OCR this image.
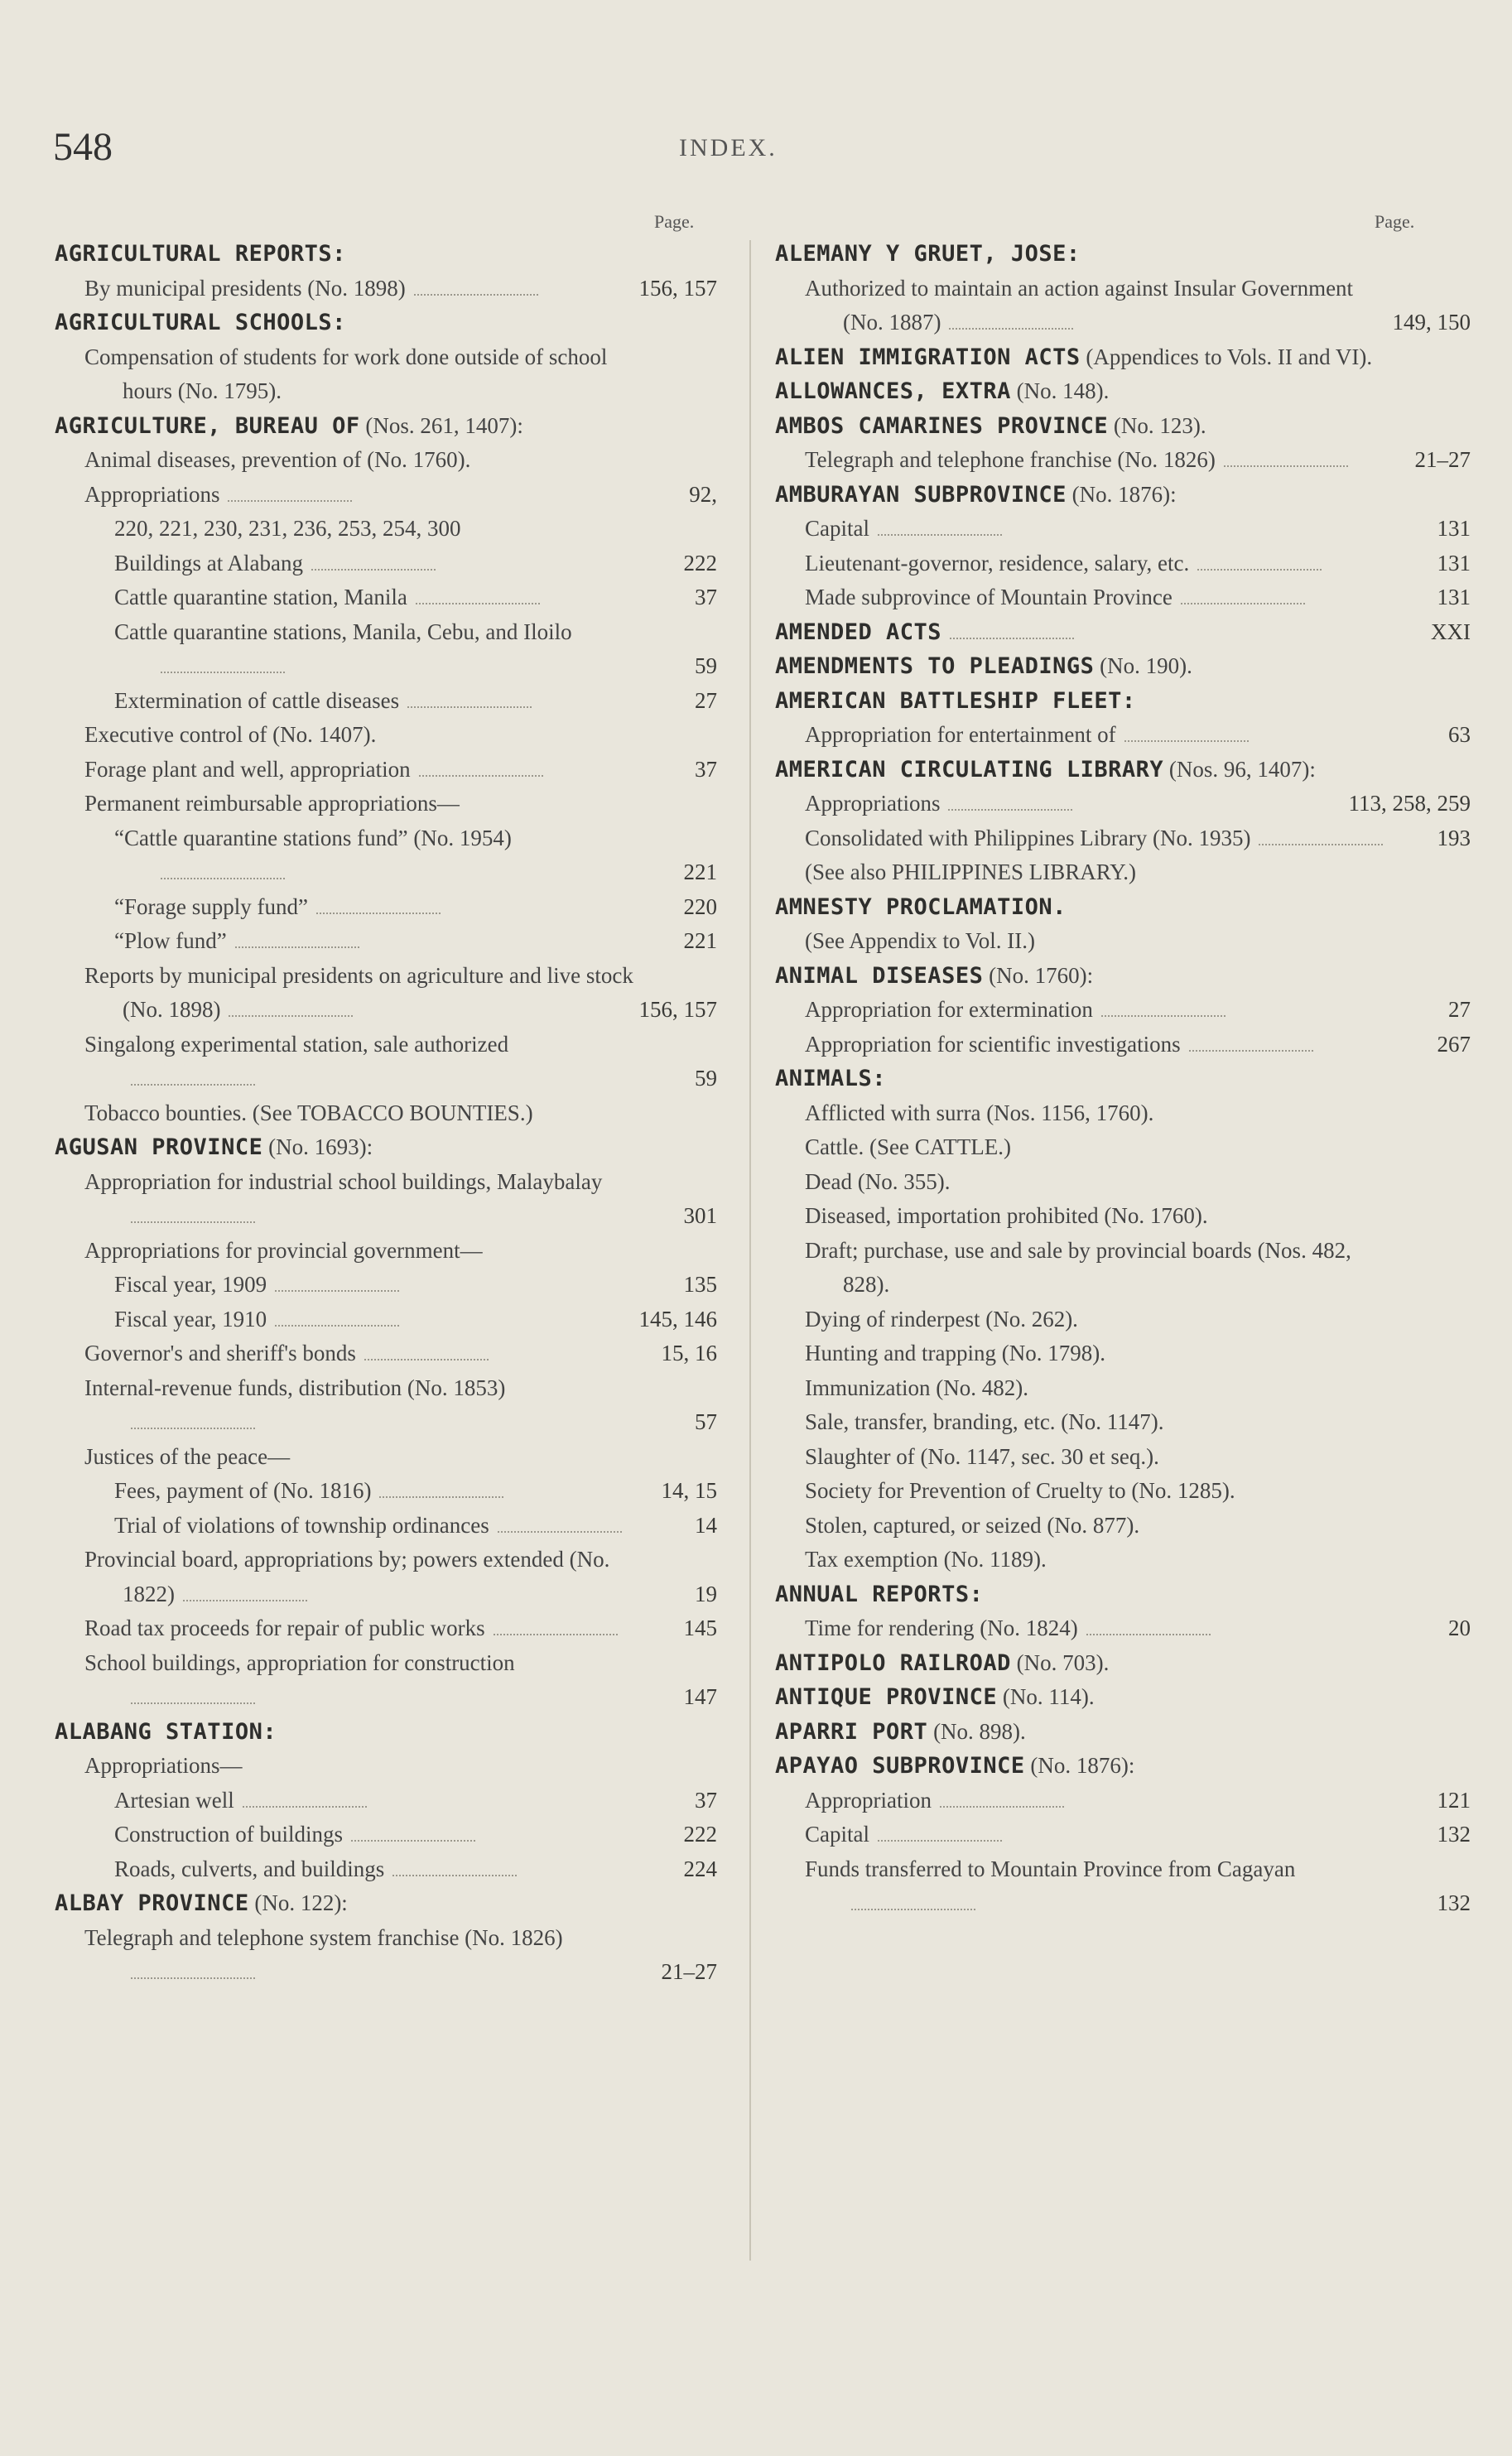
548	INDEX.
Page.	Page.
AGRICULTURAL REPORTS:
By municipal presidents (No. 1898)	156, 157
AGRICULTURAL SCHOOLS:
Compensation of students for work done outside of school hours (No. 1795).
AGRICULTURE, BUREAU OF (Nos. 261, 1407):
Animal diseases, prevention of (No. 1760).
Appropriations	92,
220, 221, 230, 231, 236, 253, 254, 300
Buildings at Alabang	222
Cattle quarantine station, Manila	37
Cattle quarantine stations, Manila, Cebu, and Iloilo
59
Extermination of cattle diseases	27
Executive control of (No. 1407).
Forage plant and well, appropriation	37
Permanent reimbursable appropriations—
“Cattle quarantine stations fund” (No. 1954)
221
“Forage supply fund”	220
“Plow fund”	221
Reports by municipal presidents on agriculture and live stock (No. 1898)	156, 157
Singalong experimental station, sale authorized
59
Tobacco bounties. (See TOBACCO BOUNTIES.)
AGUSAN PROVINCE (No. 1693):
Appropriation for industrial school buildings, Malaybalay
301
Appropriations for provincial government—
Fiscal year, 1909	135
Fiscal year, 1910	145, 146
Governor's and sheriff's bonds	15, 16
Internal-revenue funds, distribution (No. 1853)
57
Justices of the peace—
Fees, payment of (No. 1816)	14, 15
Trial of violations of township ordinances	14
Provincial board, appropriations by; powers extended (No. 1822)	19
Road tax proceeds for repair of public works	145
School buildings, appropriation for construction
147
ALABANG STATION:
Appropriations—
Artesian well	37
Construction of buildings	222
Roads, culverts, and buildings	224
ALBAY PROVINCE (No. 122):
Telegraph and telephone system franchise (No. 1826)
21–27
ALEMANY Y GRUET, JOSE:
Authorized to maintain an action against Insular Government (No. 1887)	149, 150
ALIEN IMMIGRATION ACTS (Appendices to Vols. II and VI).
ALLOWANCES, EXTRA (No. 148).
AMBOS CAMARINES PROVINCE (No. 123).
Telegraph and telephone franchise (No. 1826)	21–27
AMBURAYAN SUBPROVINCE (No. 1876):
Capital	131
Lieutenant-governor, residence, salary, etc.	131
Made subprovince of Mountain Province	131
AMENDED ACTS	XXI
AMENDMENTS TO PLEADINGS (No. 190).
AMERICAN BATTLESHIP FLEET:
Appropriation for entertainment of	63
AMERICAN CIRCULATING LIBRARY (Nos. 96, 1407):
Appropriations	113, 258, 259
Consolidated with Philippines Library (No. 1935)	193
(See also PHILIPPINES LIBRARY.)
AMNESTY PROCLAMATION.
(See Appendix to Vol. II.)
ANIMAL DISEASES (No. 1760):
Appropriation for extermination	27
Appropriation for scientific investigations	267
ANIMALS:
Afflicted with surra (Nos. 1156, 1760).
Cattle. (See CATTLE.)
Dead (No. 355).
Diseased, importation prohibited (No. 1760).
Draft; purchase, use and sale by provincial boards (Nos. 482, 828).
Dying of rinderpest (No. 262).
Hunting and trapping (No. 1798).
Immunization (No. 482).
Sale, transfer, branding, etc. (No. 1147).
Slaughter of (No. 1147, sec. 30 et seq.).
Society for Prevention of Cruelty to (No. 1285).
Stolen, captured, or seized (No. 877).
Tax exemption (No. 1189).
ANNUAL REPORTS:
Time for rendering (No. 1824)	20
ANTIPOLO RAILROAD (No. 703).
ANTIQUE PROVINCE (No. 114).
APARRI PORT (No. 898).
APAYAO SUBPROVINCE (No. 1876):
Appropriation	121
Capital	132
Funds transferred to Mountain Province from Cagayan
132
